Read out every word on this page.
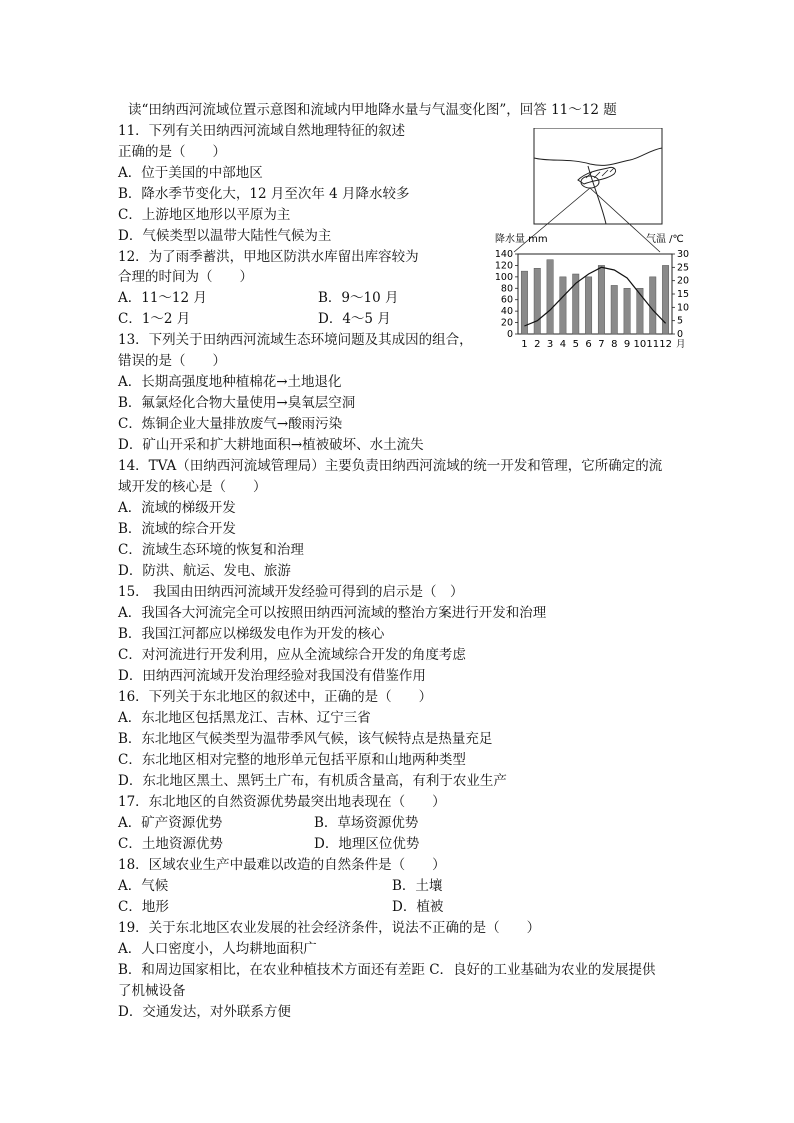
读“田纳西河流域位置示意图和流域内甲地降水量与气温变化图”，回答 11～12 题
11．下列有关田纳西河流域自然地理特征的叙述
正确的是（　　）
A．位于美国的中部地区
B．降水季节变化大，12 月至次年 4 月降水较多
C．上游地区地形以平原为主
D．气候类型以温带大陆性气候为主
12．为了雨季蓄洪，甲地区防洪水库留出库容较为
合理的时间为（　　）
A．11～12 月	B．9～10 月
C．1～2 月	D．4～5 月
13．下列关于田纳西河流域生态环境问题及其成因的组合，
错误的是（　　）
A．长期高强度地种植棉花→土地退化
B．氟氯烃化合物大量使用→臭氧层空洞
C．炼铜企业大量排放废气→酸雨污染
D．矿山开采和扩大耕地面积→植被破坏、水土流失
14．TVA（田纳西河流域管理局）主要负责田纳西河流域的统一开发和管理，它所确定的流
域开发的核心是（　　）
A．流域的梯级开发
B．流域的综合开发
C．流域生态环境的恢复和治理
D．防洪、航运、发电、旅游
15． 我国由田纳西河流域开发经验可得到的启示是（　）
A．我国各大河流完全可以按照田纳西河流域的整治方案进行开发和治理
B．我国江河都应以梯级发电作为开发的核心
C．对河流进行开发利用，应从全流域综合开发的角度考虑
D．田纳西河流域开发治理经验对我国没有借鉴作用
16．下列关于东北地区的叙述中，正确的是（　　）
A．东北地区包括黑龙江、吉林、辽宁三省
B．东北地区气候类型为温带季风气候，该气候特点是热量充足
C．东北地区相对完整的地形单元包括平原和山地两种类型
D．东北地区黑土、黑钙土广布，有机质含量高，有利于农业生产
17．东北地区的自然资源优势最突出地表现在（　　）
A．矿产资源优势	B．草场资源优势
C．土地资源优势	D．地理区位优势
18．区域农业生产中最难以改造的自然条件是（　　）
A．气候	B．土壤
C．地形	D．植被
19．关于东北地区农业发展的社会经济条件，说法不正确的是（　　）
A．人口密度小，人均耕地面积广
B．和周边国家相比，在农业种植技术方面还有差距 C．良好的工业基础为农业的发展提供
了机械设备
D．交通发达，对外联系方便
降水量 mm	气温 /℃
0
20
40
60
80
100
120
140
0
5
10
15
20
25
30
1 2 3 4 5 6 7 8 9 10 11 12 月
